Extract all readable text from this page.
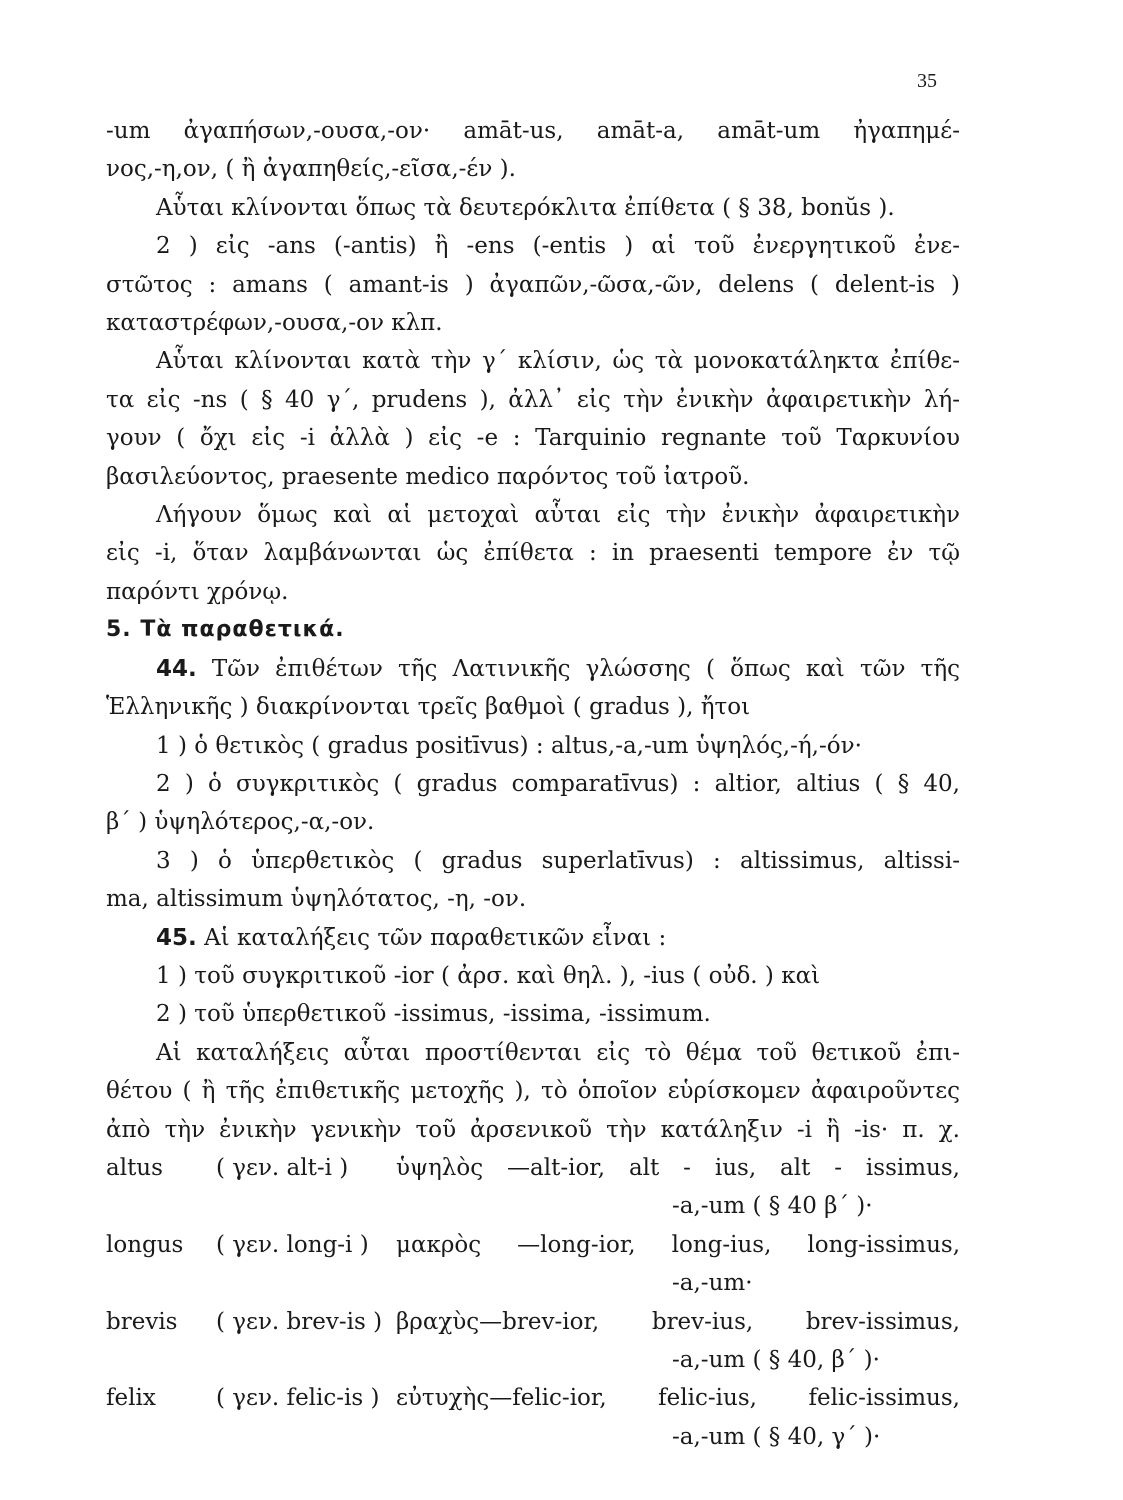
35

-um ἀγαπήσων,-ουσα,-ον· amāt-us, amāt-a, amāt-um ἠγαπημέ-

νος,-η,ον, ( ἢ ἀγαπηθείς,-εῖσα,-έν ).

Αὗται κλίνονται ὅπως τὰ δευτερόκλιτα ἐπίθετα ( § 38, bonŭs ).

2 ) εἰς -ans (-antis) ἢ -ens (-entis ) αἱ τοῦ ἐνεργητικοῦ ἐνε-

στῶτος : amans ( amant-is ) ἀγαπῶν,-ῶσα,-ῶν, delens ( delent-is )

καταστρέφων,-ουσα,-ον κλπ.

Αὗται κλίνονται κατὰ τὴν γ΄ κλίσιν, ὡς τὰ μονοκατάληκτα ἐπίθε-

τα εἰς -ns ( § 40 γ΄, prudens ), ἀλλ᾽ εἰς τὴν ἐνικὴν ἀφαιρετικὴν λή-

γουν ( ὄχι εἰς -i ἀλλὰ ) εἰς -e : Tarquinio regnante τοῦ Ταρκυνίου

βασιλεύοντος, praesente medico παρόντος τοῦ ἰατροῦ.

Λήγουν ὅμως καὶ αἱ μετοχαὶ αὗται εἰς τὴν ἐνικὴν ἀφαιρετικὴν

εἰς -i, ὅταν λαμβάνωνται ὡς ἐπίθετα : in praesenti tempore ἐν τῷ

παρόντι χρόνῳ.

5. Τὰ παραθετικά.

44. Τῶν ἐπιθέτων τῆς Λατινικῆς γλώσσης ( ὅπως καὶ τῶν τῆς

Ἑλληνικῆς ) διακρίνονται τρεῖς βαθμοὶ ( gradus ), ἤτοι

1 ) ὁ θετικὸς ( gradus positīvus) : altus,-a,-um ὑψηλός,-ή,-όν·

2 ) ὁ συγκριτικὸς ( gradus comparatīvus) : altior, altius ( § 40,

β΄ ) ὑψηλότερος,-α,-ον.

3 ) ὁ ὑπερθετικὸς ( gradus superlatīvus) : altissimus, altissi-

ma, altissimum ὑψηλότατος, -η, -ον.

45. Αἱ καταλήξεις τῶν παραθετικῶν εἶναι :

1 ) τοῦ συγκριτικοῦ -ior ( ἀρσ. καὶ θηλ. ), -ius ( οὐδ. ) καὶ

2 ) τοῦ ὑπερθετικοῦ -issimus, -issima, -issimum.

Αἱ καταλήξεις αὗται προστίθενται εἰς τὸ θέμα τοῦ θετικοῦ ἐπι-

θέτου ( ἢ τῆς ἐπιθετικῆς μετοχῆς ), τὸ ὁποῖον εὑρίσκομεν ἀφαιροῦντες

ἀπὸ τὴν ἐνικὴν γενικὴν τοῦ ἀρσενικοῦ τὴν κατάληξιν -i ἢ -is· π. χ.

altus	( γεν. alt-i )	ὑψηλὸς —alt-ior, alt - ius, alt - issimus,

-a,-um ( § 40 β΄ )·

longus	( γεν. long-i )	μακρὸς —long-ior, long-ius, long-issimus,

-a,-um·

brevis	( γεν. brev-is ) βραχὺς—brev-ior, brev-ius, brev-issimus,

-a,-um ( § 40, β΄ )·

felix	( γεν. felic-is ) εὐτυχὴς—felic-ior, felic-ius, felic-issimus,

-a,-um ( § 40, γ΄ )·
